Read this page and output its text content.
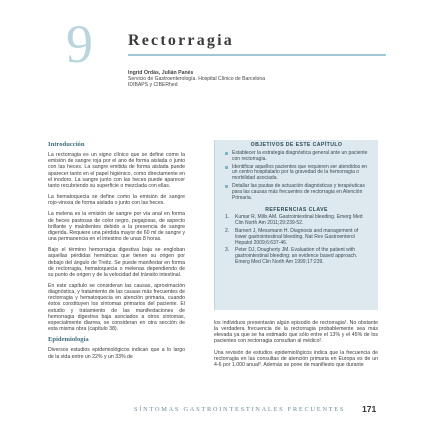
9 Rectorragia
Ingrid Ordás, Julián Panés
Servicio de Gastroenterología. Hospital Clínico de Barcelona
IDIBAPS y CIBERhed
Introducción

La rectorragia es un signo clínico que se define como la emisión de sangre roja por el ano de forma aislada o junto con las heces. La sangre emitida de forma aislada puede aparecer tanto en el papel higiénico, como directamente en el inodoro. La sangre junto con las heces puede aparecer tanto recubriendo su superficie o mezclada con ellas.

La hematoquecia se define como la emisión de sangre rojo-vinosa de forma aislada o junto con las heces.

La melena es la emisión de sangre por vía anal en forma de heces pastosas de color negro, pegajosas, de aspecto brillante y malolientes debido a la presencia de sangre digerida. Requiere una pérdida mayor de 60 ml de sangre y una permanencia en el intestino de unas 8 horas.

Bajo el término hemorragia digestiva baja se engloban aquellas pérdidas hemáticas que tienen su origen por debajo del ángulo de Treitz. Se puede manifestar en forma de rectorragia, hematoquecia o melenas dependiendo de su punto de origen y de la velocidad del tránsito intestinal.

En este capítulo se consideran las causas, aproximación diagnóstica, y tratamiento de las causas más frecuentes de rectorragia y hematoquecia en atención primaria, cuando éstos constituyen los síntomas primarios del paciente. El estudio y tratamiento de las manifestaciones de hemorragia digestiva baja asociados a otros síntomas, especialmente diarrea, se consideran en otra sección de esta misma obra (capítulo 38).

Epidemiología

Diversos estudios epidemiológicos indican que a lo largo de la vida entre un 22% y un 33% de

OBJETIVOS DE ESTE CAPÍTULO
Establecer la estrategia diagnóstica general ante un paciente con rectorragia.
Identificar aquellos pacientes que requieren ser atendidos en un centro hospitalario por la gravedad de la hemorragia o morbilidad asociada.
Detallar las pautas de actuación diagnósticas y terapéuticas para las causas más frecuentes de rectorragia en Atención Primaria.
REFERENCIAS CLAVE
1.	Kumar R, Mills AM. Gastrointestinal bleeding. Emerg Med Clin North Am 2011;29:239-52.
2.	Barnert J, Messmann H. Diagnosis and management of lower gastrointestinal bleeding. Nat Rev Gastroenterol Hepatol 2009;6:637-46.
3.	Peter DJ, Dougherty JM. Evaluation of the patient with gastrointestinal bleeding: an evidence based approach. Emerg Med Clin North Am 1999;17:239.

los individuos presentarán algún episodio de rectorragia¹. No obstante la verdadera frecuencia de la rectorragia probablemente sea más elevada ya que se ha estimado que sólo entre el 13% y el 45% de los pacientes con rectorragia consultan al médico².

Una revisión de estudios epidemiológicos indica que la frecuencia de rectorragia en las consultas de atención primaria en Europa es de un 4-6 por 1.000 anual³. Además se pone de manifiesto que durante

SÍNTOMAS GASTROINTESTINALES FRECUENTES 171
